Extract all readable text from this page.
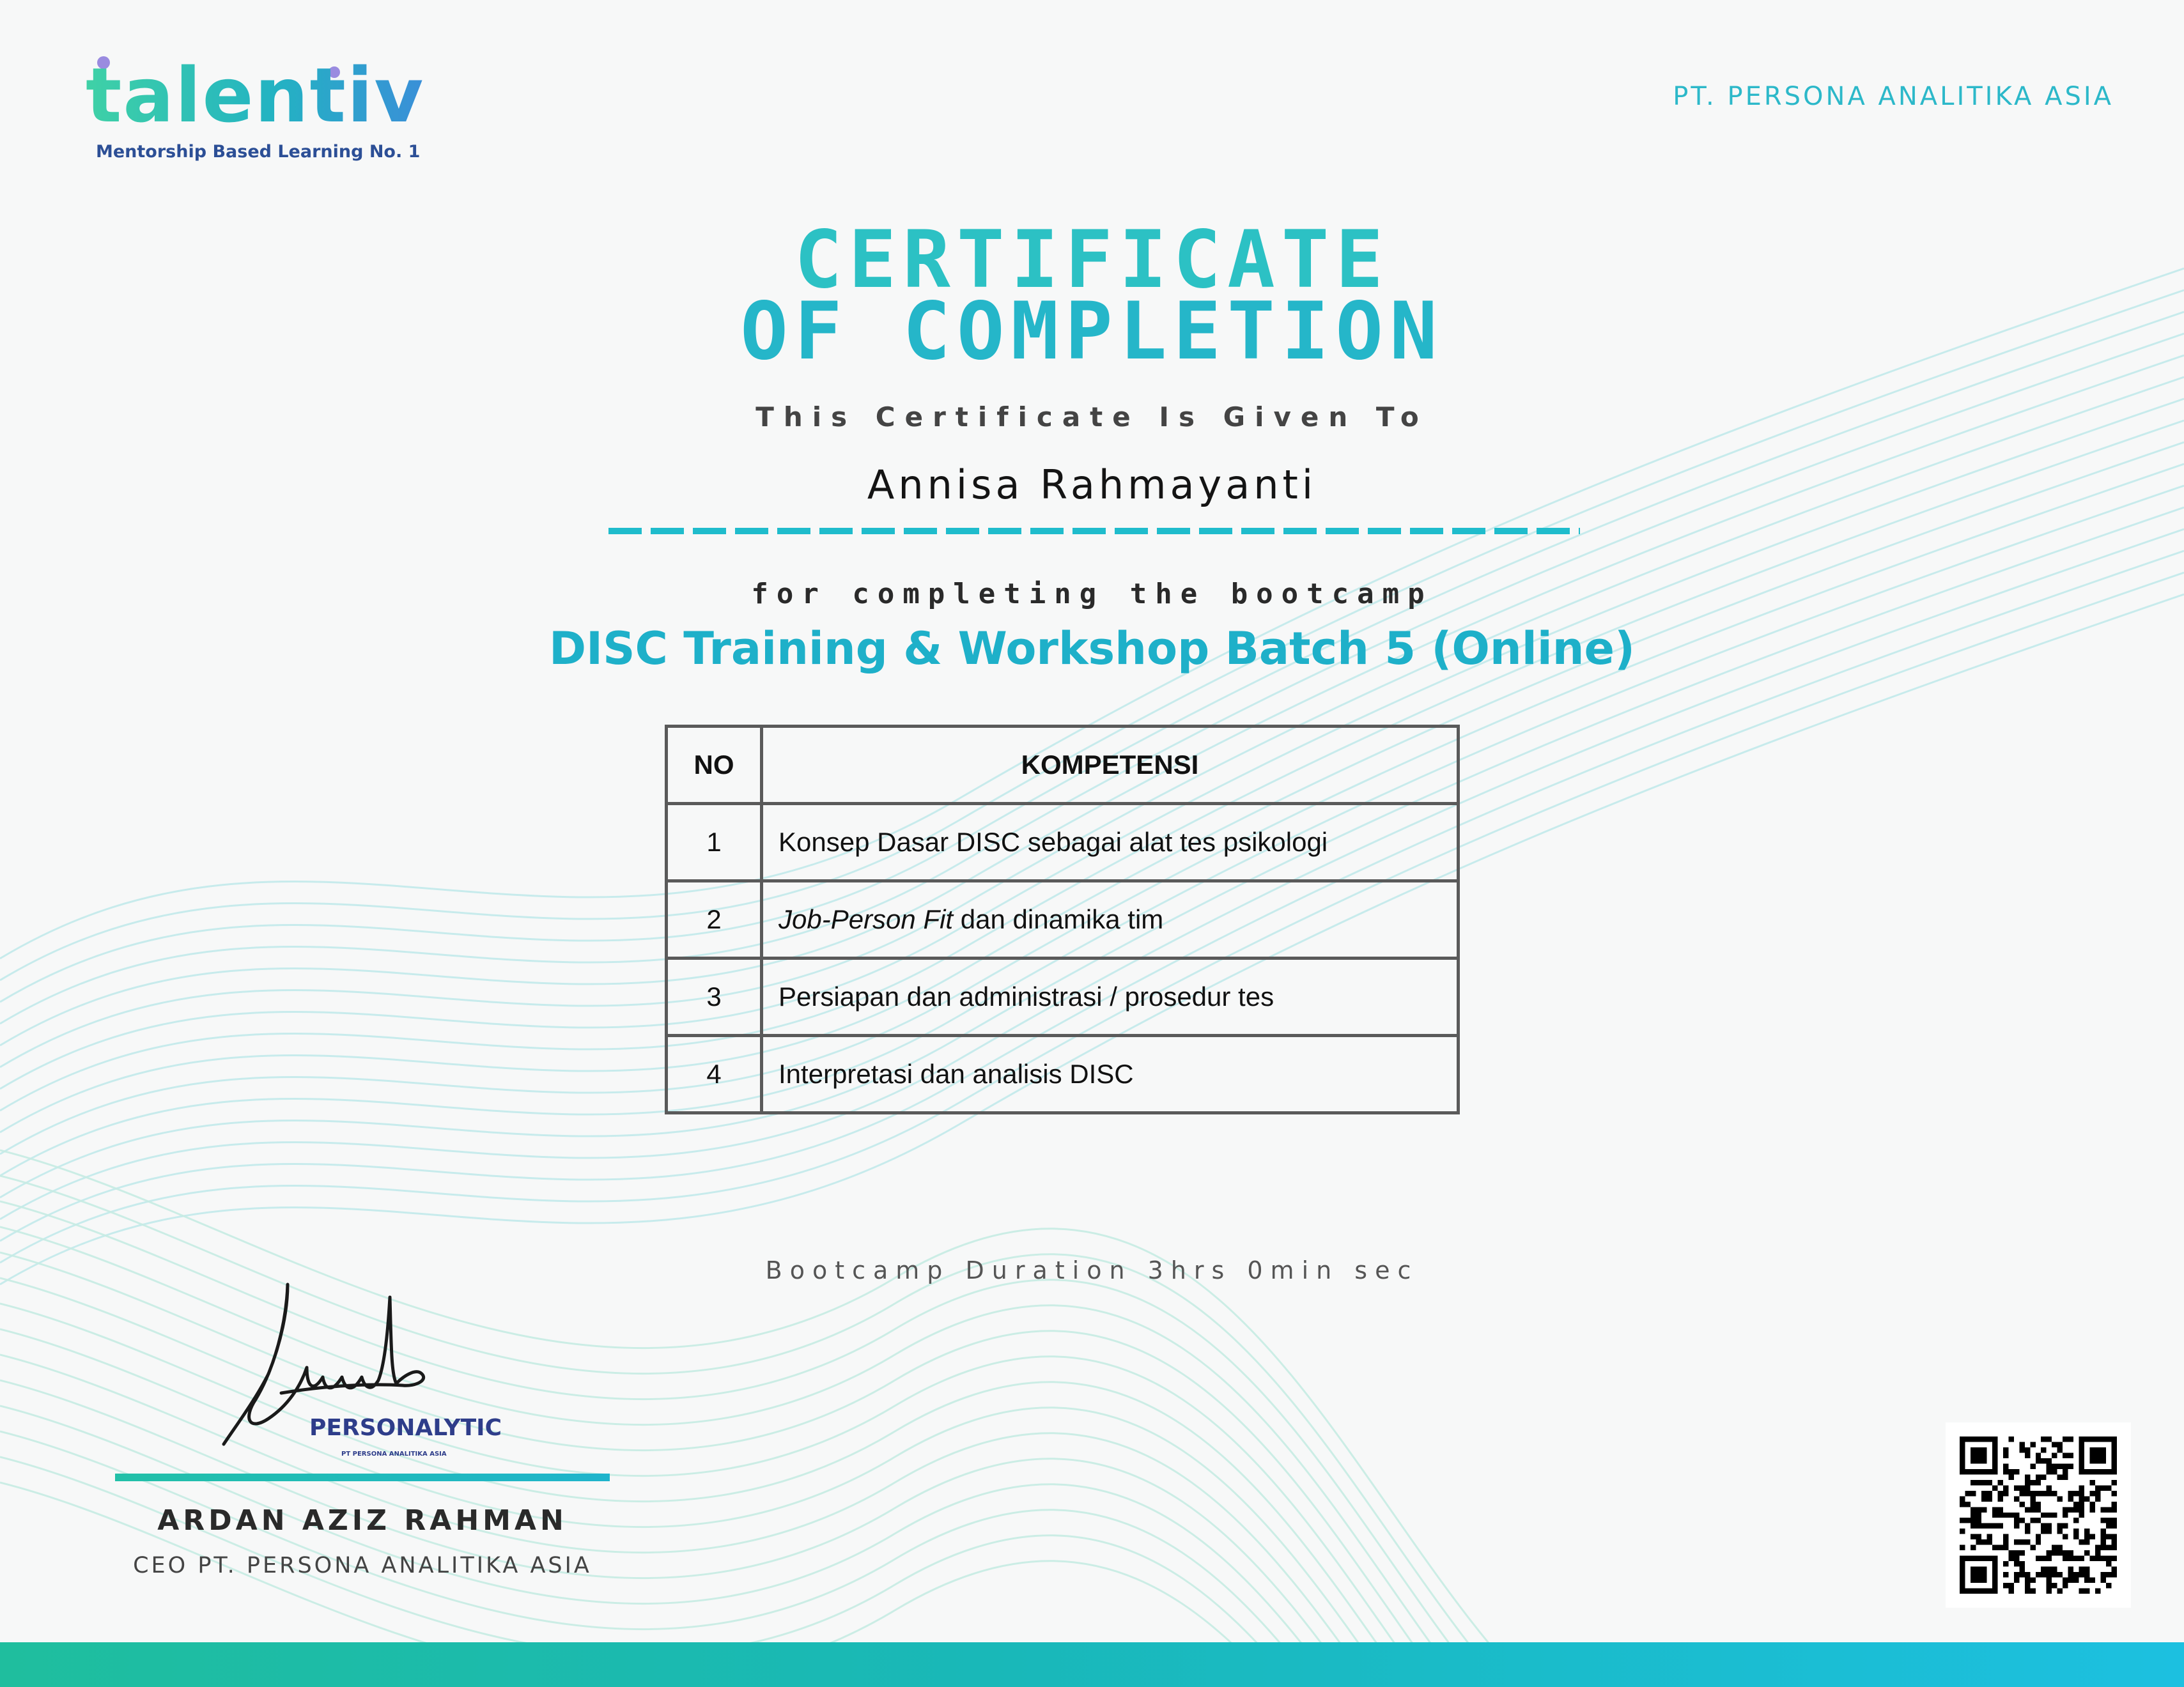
talentiv
Mentorship Based Learning No. 1
PT. PERSONA ANALITIKA ASIA
CERTIFICATE
OF COMPLETION
This Certificate Is Given To
Annisa Rahmayanti
for completing the bootcamp
DISC Training & Workshop Batch 5 (Online)
NO	KOMPETENSI
1	Konsep Dasar DISC sebagai alat tes psikologi
2	Job-Person Fit dan dinamika tim
3	Persiapan dan administrasi / prosedur tes
4	Interpretasi dan analisis DISC
Bootcamp Duration 3hrs 0min sec
PERSONALYTIC
PT PERSONA ANALITIKA ASIA
ARDAN AZIZ RAHMAN
CEO PT. PERSONA ANALITIKA ASIA
